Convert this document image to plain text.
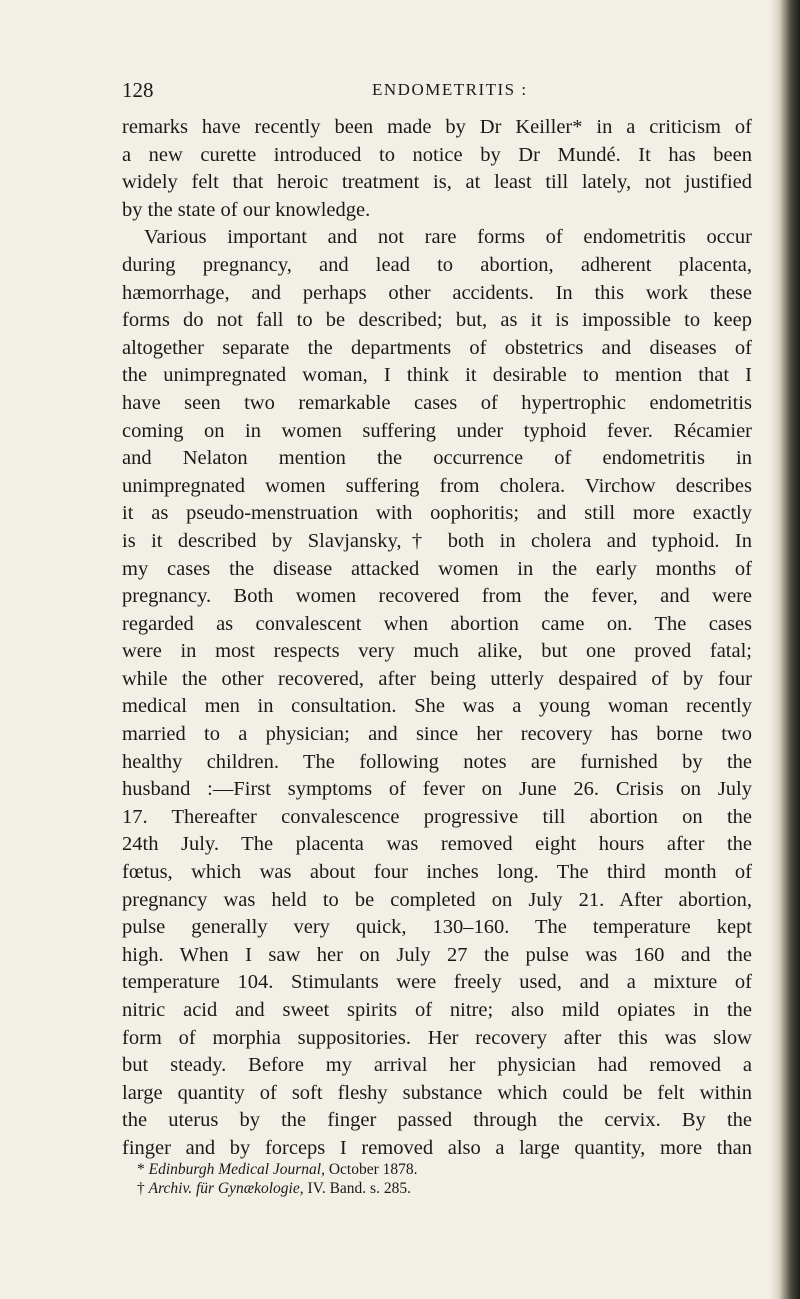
128	ENDOMETRITIS :
remarks have recently been made by Dr Keiller* in a criticism of
a new curette introduced to notice by Dr Mundé. It has been
widely felt that heroic treatment is, at least till lately, not justified
by the state of our knowledge.
Various important and not rare forms of endometritis occur
during pregnancy, and lead to abortion, adherent placenta,
hæmorrhage, and perhaps other accidents. In this work these
forms do not fall to be described; but, as it is impossible to keep
altogether separate the departments of obstetrics and diseases of
the unimpregnated woman, I think it desirable to mention that I
have seen two remarkable cases of hypertrophic endometritis
coming on in women suffering under typhoid fever. Récamier
and Nelaton mention the occurrence of endometritis in
unimpregnated women suffering from cholera. Virchow describes
it as pseudo-menstruation with oophoritis; and still more exactly
is it described by Slavjansky,† both in cholera and typhoid. In
my cases the disease attacked women in the early months of
pregnancy. Both women recovered from the fever, and were
regarded as convalescent when abortion came on. The cases
were in most respects very much alike, but one proved fatal;
while the other recovered, after being utterly despaired of by four
medical men in consultation. She was a young woman recently
married to a physician; and since her recovery has borne two
healthy children. The following notes are furnished by the
husband :—First symptoms of fever on June 26. Crisis on July
17. Thereafter convalescence progressive till abortion on the
24th July. The placenta was removed eight hours after the
fœtus, which was about four inches long. The third month of
pregnancy was held to be completed on July 21. After abortion,
pulse generally very quick, 130–160. The temperature kept
high. When I saw her on July 27 the pulse was 160 and the
temperature 104. Stimulants were freely used, and a mixture of
nitric acid and sweet spirits of nitre; also mild opiates in the
form of morphia suppositories. Her recovery after this was slow
but steady. Before my arrival her physician had removed a
large quantity of soft fleshy substance which could be felt within
the uterus by the finger passed through the cervix. By the
finger and by forceps I removed also a large quantity, more than
* Edinburgh Medical Journal, October 1878.
† Archiv. für Gynækologie, IV. Band. s. 285.
